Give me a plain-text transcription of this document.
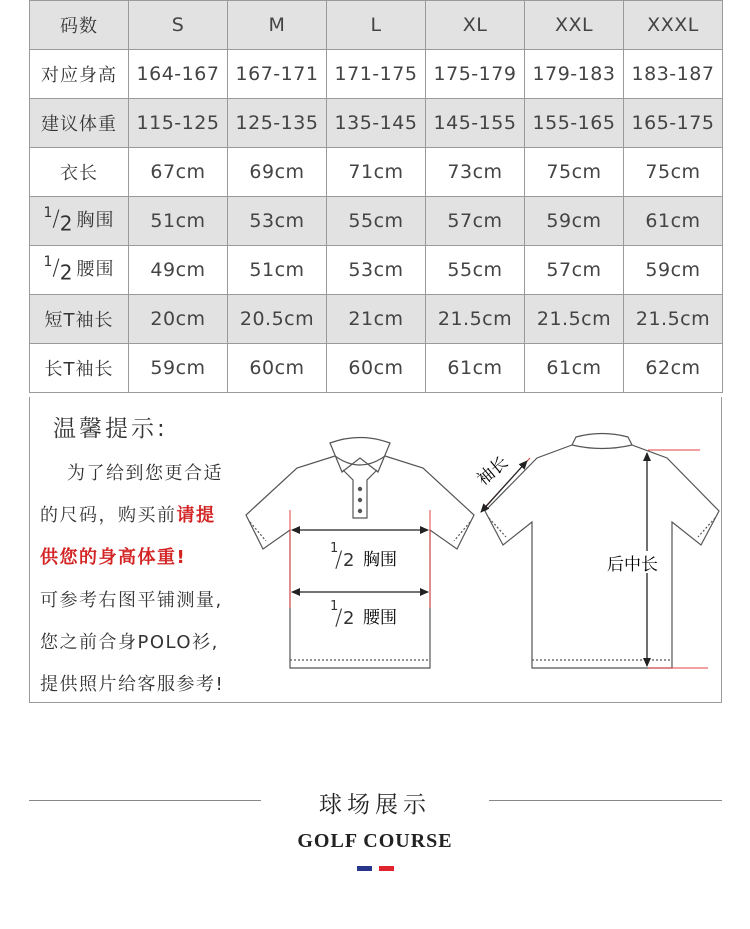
码数	S	M	L	XL	XXL	XXXL
对应身高	164-167	167-171	171-175	175-179	179-183	183-187
建议体重	115-125	125-135	135-145	145-155	155-165	165-175
衣长	67cm	69cm	71cm	73cm	75cm	75cm
$^1/_2$ 胸围	51cm	53cm	55cm	57cm	59cm	61cm
$^1/_2$ 腰围	49cm	51cm	53cm	55cm	57cm	59cm
短T袖长	20cm	20.5cm	21cm	21.5cm	21.5cm	21.5cm
长T袖长	59cm	60cm	60cm	61cm	61cm	62cm
温馨提示:
为了给到您更合适
的尺码，购买前请提
供您的身高体重!
可参考右图平铺测量,
您之前合身POLO衫,
提供照片给客服参考!
1
/ 2 胸围
1
/ 2 腰围
袖长
后中长
球场展示
GOLF COURSE
